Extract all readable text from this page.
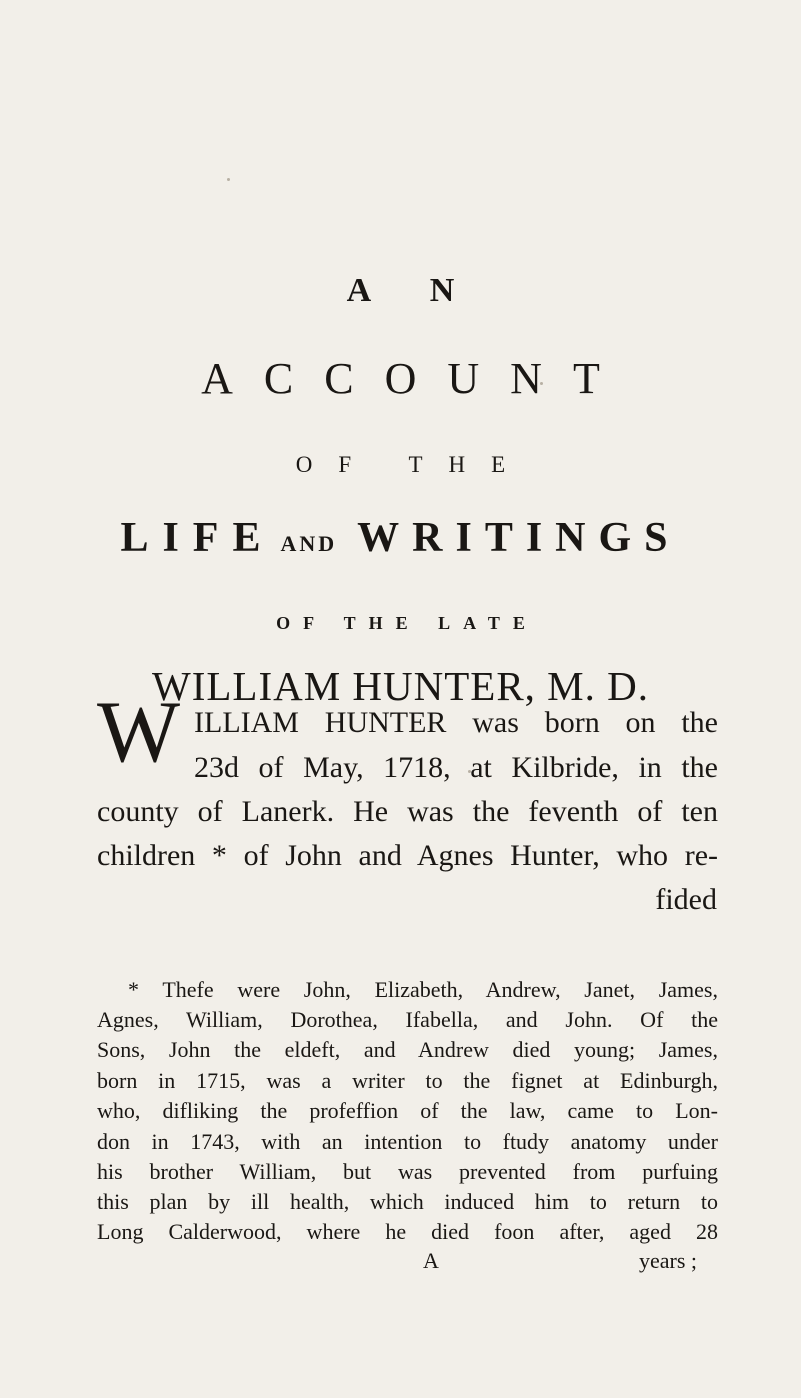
A N
ACCOUNT
OF THE
LIFE AND WRITINGS
OF THE LATE
WILLIAM HUNTER, M. D.
W ILLIAM HUNTER was born on the
23d of May, 1718, at Kilbride, in the
county of Lanerk. He was the feventh of ten
children * of John and Agnes Hunter, who re-
fided
* Thefe were John, Elizabeth, Andrew, Janet, James,
Agnes, William, Dorothea, Ifabella, and John. Of the
Sons, John the eldeft, and Andrew died young; James,
born in 1715, was a writer to the fignet at Edinburgh,
who, difliking the profeffion of the law, came to Lon-
don in 1743, with an intention to ftudy anatomy under
his brother William, but was prevented from purfuing
this plan by ill health, which induced him to return to
Long Calderwood, where he died foon after, aged 28
A	years ;
